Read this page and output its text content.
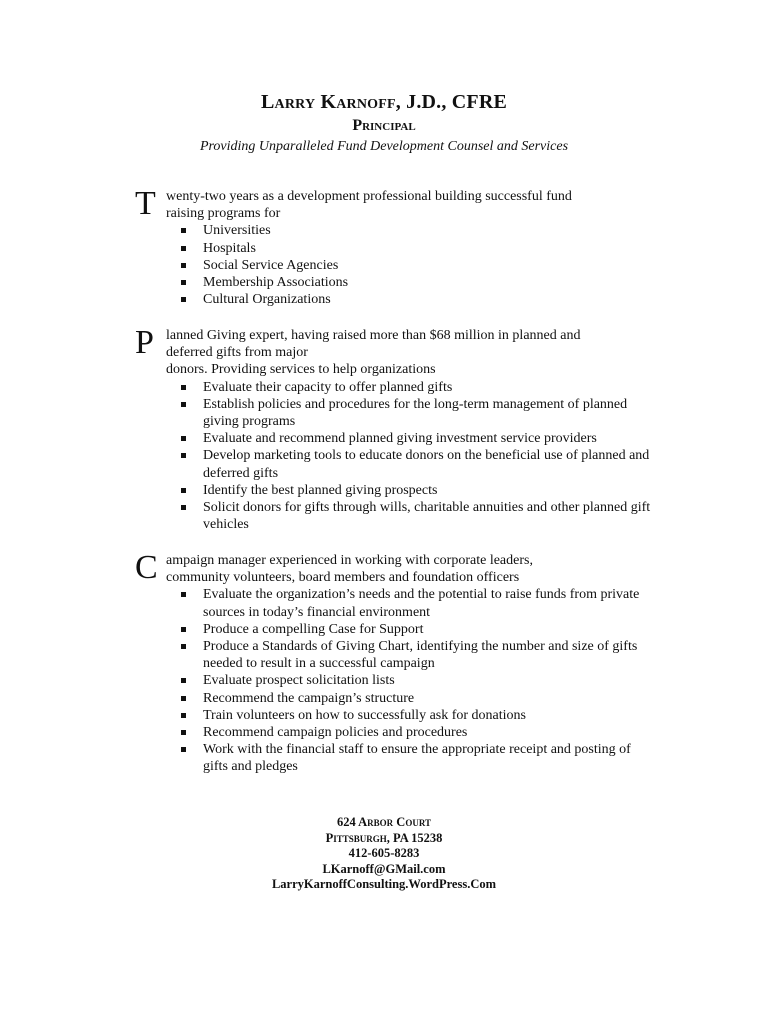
Larry Karnoff, J.D., CFRE
Principal
Providing Unparalleled Fund Development Counsel and Services
T wenty-two years as a development professional building successful fund
raising programs for
Universities
Hospitals
Social Service Agencies
Membership Associations
Cultural Organizations
P lanned Giving expert, having raised more than $68 million in planned and
deferred gifts from major
donors. Providing services to help organizations
Evaluate their capacity to offer planned gifts
Establish policies and procedures for the long-term management of planned giving programs
Evaluate and recommend planned giving investment service providers
Develop marketing tools to educate donors on the beneficial use of planned and deferred gifts
Identify the best planned giving prospects
Solicit donors for gifts through wills, charitable annuities and other planned gift vehicles
C ampaign manager experienced in working with corporate leaders,
community volunteers, board members and foundation officers
Evaluate the organization’s needs and the potential to raise funds from private sources in today’s financial environment
Produce a compelling Case for Support
Produce a Standards of Giving Chart, identifying the number and size of gifts needed to result in a successful campaign
Evaluate prospect solicitation lists
Recommend the campaign’s structure
Train volunteers on how to successfully ask for donations
Recommend campaign policies and procedures
Work with the financial staff to ensure the appropriate receipt and posting of gifts and pledges
624 Arbor Court
Pittsburgh, PA 15238
412-605-8283
LKarnoff@GMail.com
LarryKarnoffConsulting.WordPress.Com
